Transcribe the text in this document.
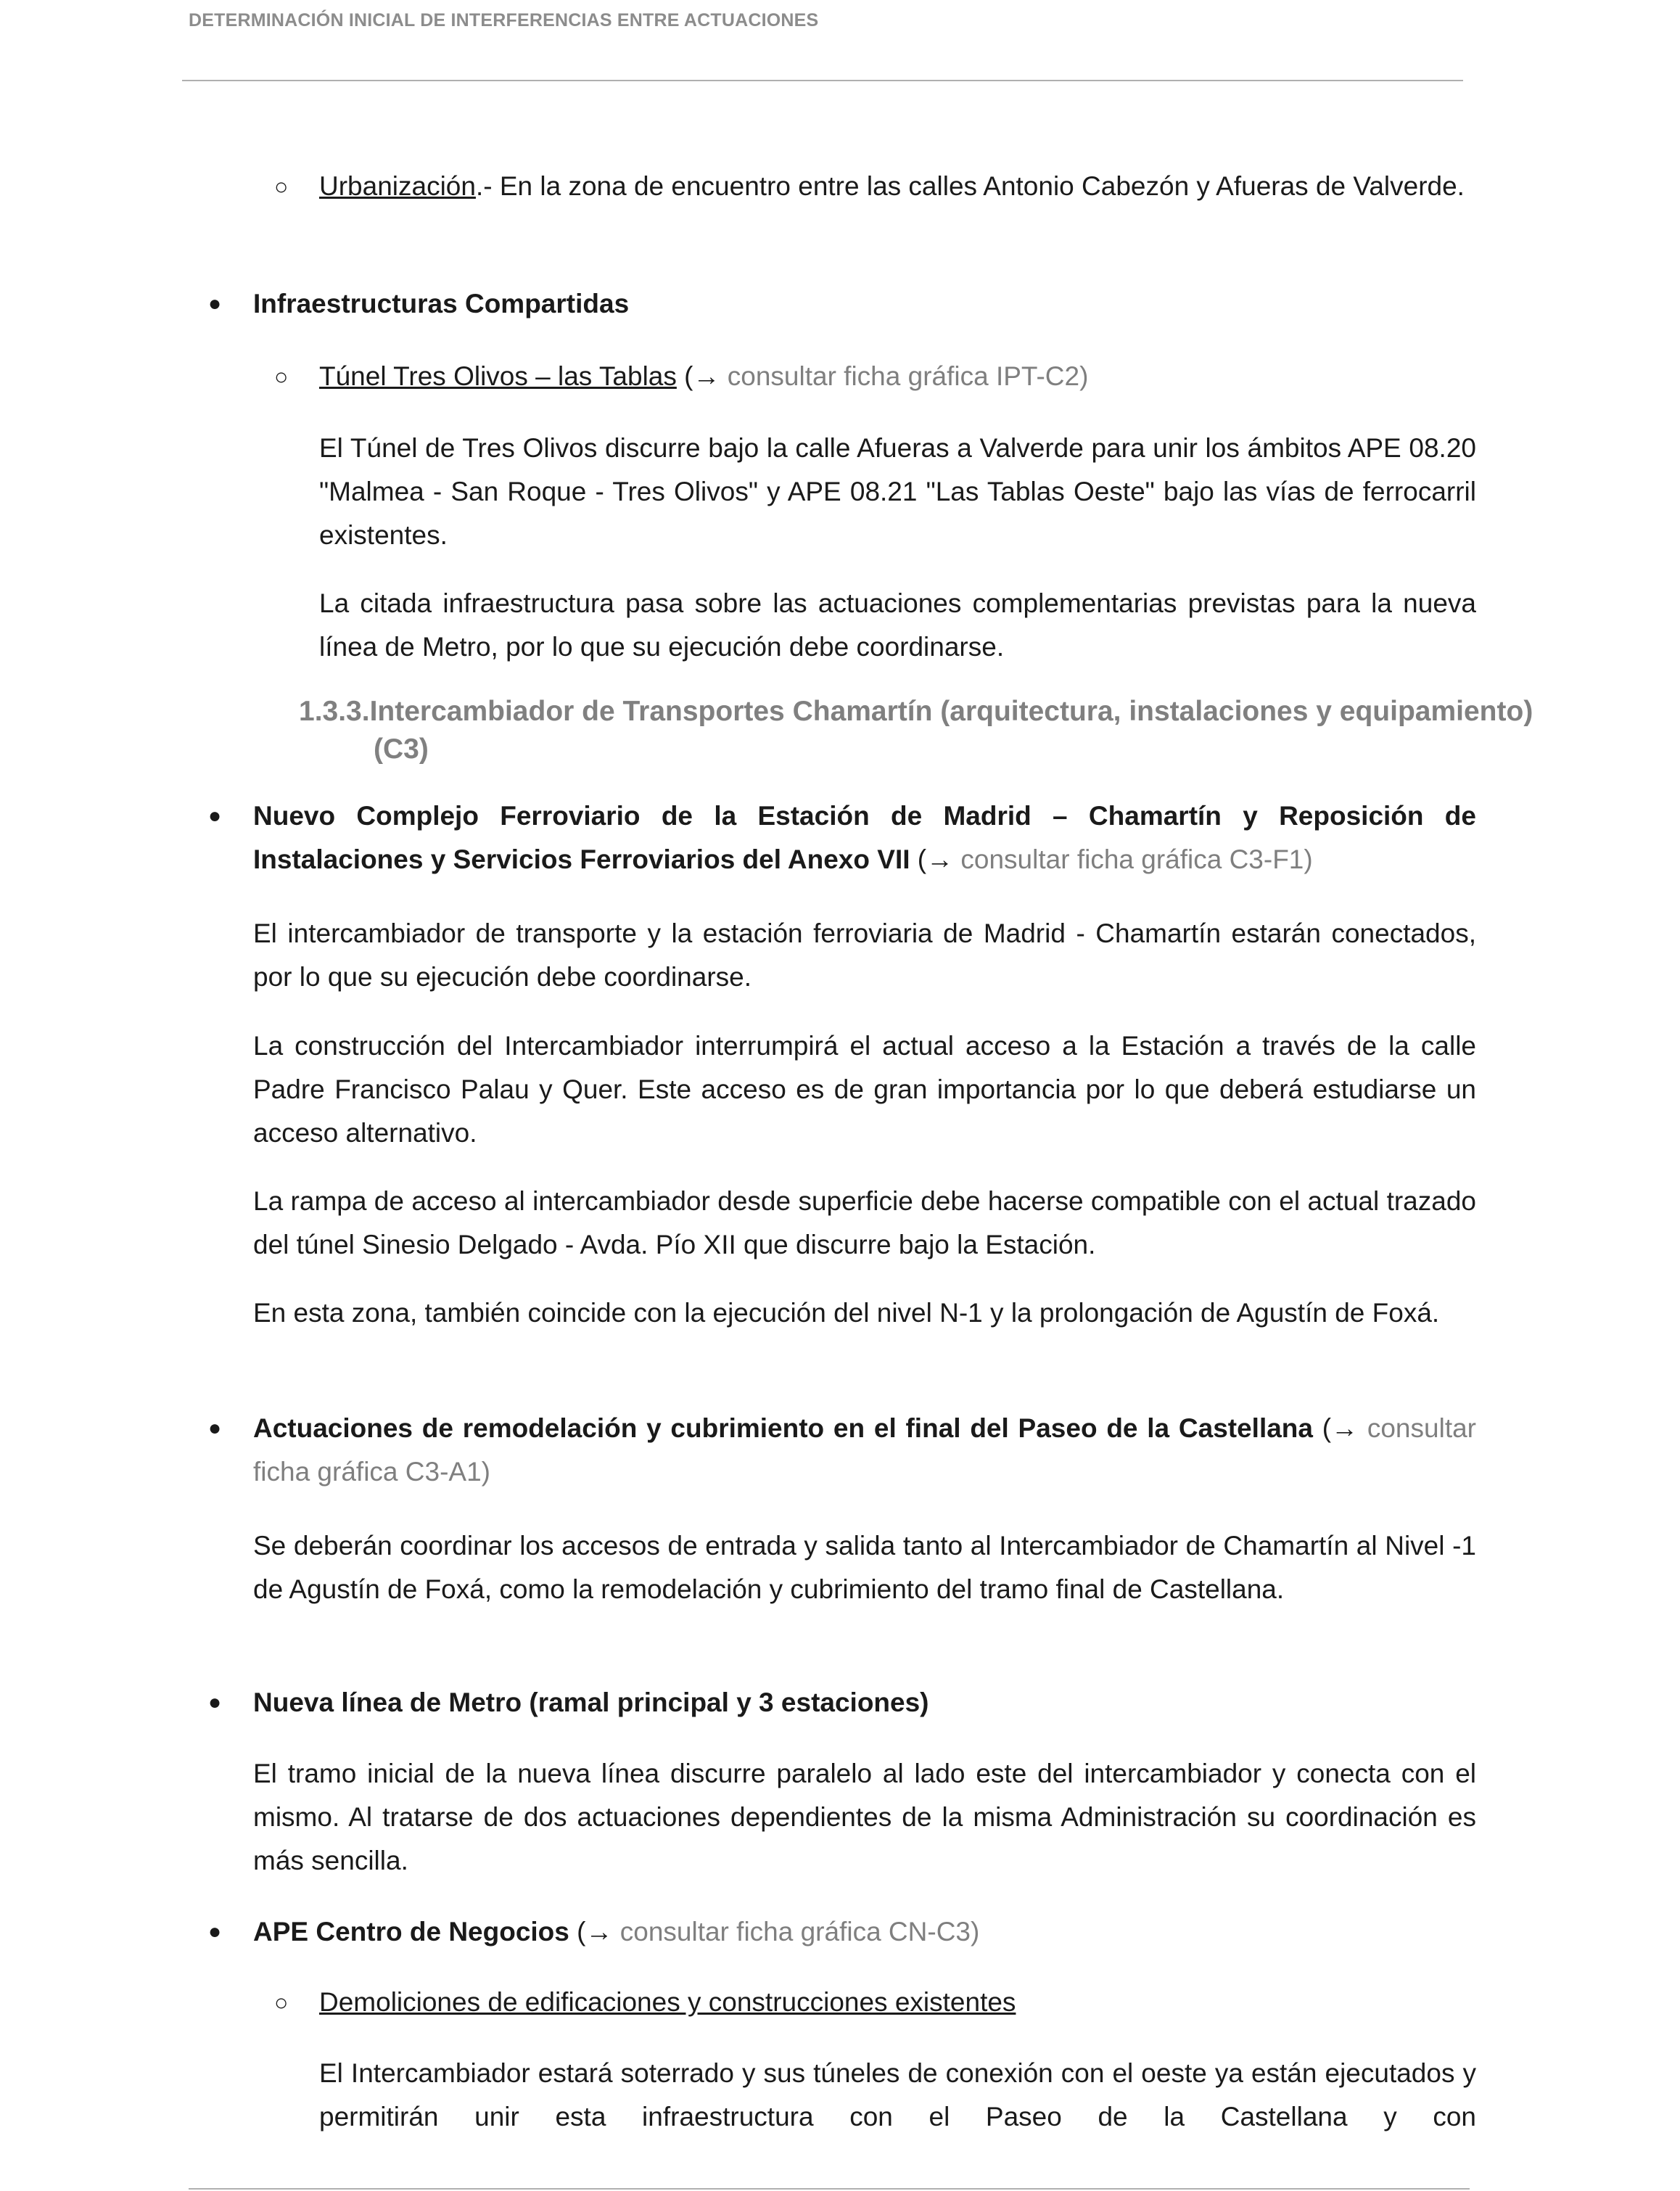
DETERMINACIÓN INICIAL DE INTERFERENCIAS ENTRE ACTUACIONES
○ Urbanización.- En la zona de encuentro entre las calles Antonio Cabezón y Afueras de Valverde.
● Infraestructuras Compartidas
○ Túnel Tres Olivos – las Tablas (→ consultar ficha gráfica IPT-C2)
El Túnel de Tres Olivos discurre bajo la calle Afueras a Valverde para unir los ámbitos APE 08.20 "Malmea - San Roque - Tres Olivos" y APE 08.21 "Las Tablas Oeste" bajo las vías de ferrocarril existentes.
La citada infraestructura pasa sobre las actuaciones complementarias previstas para la nueva línea de Metro, por lo que su ejecución debe coordinarse.
1.3.3.Intercambiador de Transportes Chamartín (arquitectura, instalaciones y equipamiento) (C3)
● Nuevo Complejo Ferroviario de la Estación de Madrid – Chamartín y Reposición de Instalaciones y Servicios Ferroviarios del Anexo VII (→ consultar ficha gráfica C3-F1)
El intercambiador de transporte y la estación ferroviaria de Madrid - Chamartín estarán conectados, por lo que su ejecución debe coordinarse.
La construcción del Intercambiador interrumpirá el actual acceso a la Estación a través de la calle Padre Francisco Palau y Quer. Este acceso es de gran importancia por lo que deberá estudiarse un acceso alternativo.
La rampa de acceso al intercambiador desde superficie debe hacerse compatible con el actual trazado del túnel Sinesio Delgado - Avda. Pío XII que discurre bajo la Estación.
En esta zona, también coincide con la ejecución del nivel N-1 y la prolongación de Agustín de Foxá.
● Actuaciones de remodelación y cubrimiento en el final del Paseo de la Castellana (→ consultar ficha gráfica C3-A1)
Se deberán coordinar los accesos de entrada y salida tanto al Intercambiador de Chamartín al Nivel -1 de Agustín de Foxá, como la remodelación y cubrimiento del tramo final de Castellana.
● Nueva línea de Metro (ramal principal y 3 estaciones)
El tramo inicial de la nueva línea discurre paralelo al lado este del intercambiador y conecta con el mismo. Al tratarse de dos actuaciones dependientes de la misma Administración su coordinación es más sencilla.
● APE Centro de Negocios (→ consultar ficha gráfica CN-C3)
○ Demoliciones de edificaciones y construcciones existentes
El Intercambiador estará soterrado y sus túneles de conexión con el oeste ya están ejecutados y permitirán unir esta infraestructura con el Paseo de la Castellana y con
